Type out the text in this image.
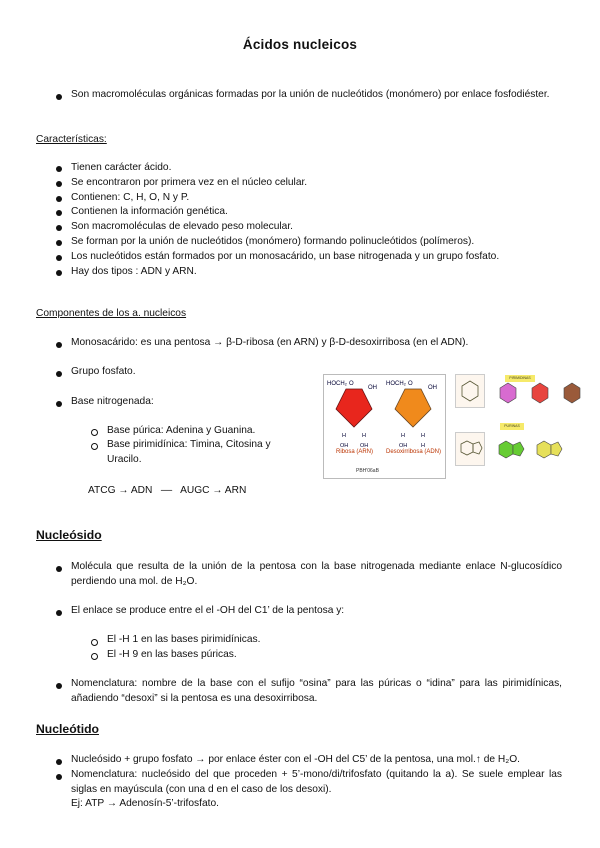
Ácidos nucleicos
Son macromoléculas orgánicas formadas por la unión de nucleótidos (monómero) por enlace fosfodiéster.
Características:
Tienen carácter ácido.
Se encontraron por primera vez en el núcleo celular.
Contienen: C, H, O, N y P.
Contienen la información genética.
Son macromoléculas de elevado peso molecular.
Se forman por la unión de nucleótidos (monómero) formando polinucleótidos (polímeros).
Los nucleótidos están formados por un monosacárido, un base nitrogenada y un grupo fosfato.
Hay dos tipos : ADN y ARN.
Componentes de los a. nucleicos
Monosacárido: es una pentosa → β-D-ribosa (en ARN) y β-D-desoxirribosa (en el ADN).
Grupo fosfato.
Base nitrogenada:
Base púrica: Adenina y Guanina.
Base pirimidínica: Timina, Citosina y Uracilo.
ATCG → ADN   ––   AUGC → ARN
HOCH₂ O
OH
H	H
OH OH
HOCH₂ O
OH
H	H
OH	H
Ribosa (ARN)	Desoxirribosa (ADN)
PBH'06aB
PIRIMIDINAS
PURINAS
Nucleósido
Molécula que resulta de la unión de la pentosa con la base nitrogenada mediante enlace N-glucosídico perdiendo una mol. de H₂O.
El enlace se produce entre el el -OH del C1’ de la pentosa y:
El -H 1 en las bases pirimidínicas.
El -H 9 en las bases púricas.
Nomenclatura: nombre de la base con el sufijo “osina” para las púricas o “idina” para las pirimidínicas, añadiendo “desoxi” si la pentosa es una desoxirribosa.
Nucleótido
Nucleósido + grupo fosfato → por enlace éster con el -OH del C5’ de la pentosa, una mol.↑ de H₂O.
Nomenclatura: nucleósido del que proceden + 5’-mono/di/trifosfato (quitando la a). Se suele emplear las siglas en mayúscula (con una d en el caso de los desoxi).
Ej: ATP → Adenosín-5’-trifosfato.
